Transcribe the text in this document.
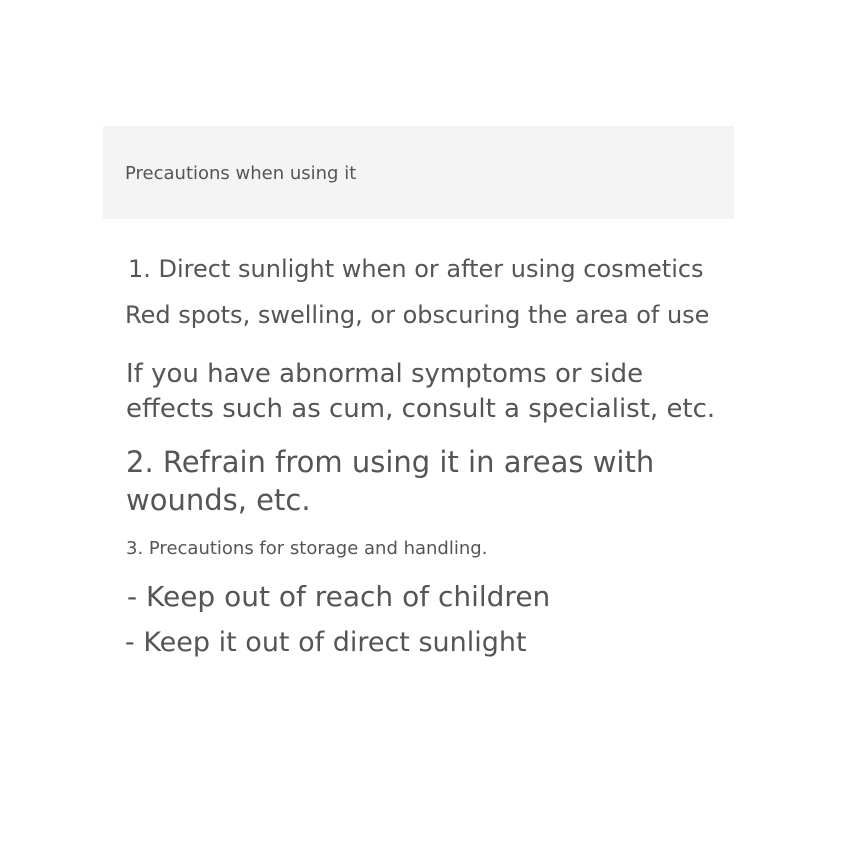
Precautions when using it
1. Direct sunlight when or after using cosmetics
Red spots, swelling, or obscuring the area of use
If you have abnormal symptoms or side
effects such as cum, consult a specialist, etc.
2. Refrain from using it in areas with
wounds, etc.
3. Precautions for storage and handling.
- Keep out of reach of children
- Keep it out of direct sunlight
